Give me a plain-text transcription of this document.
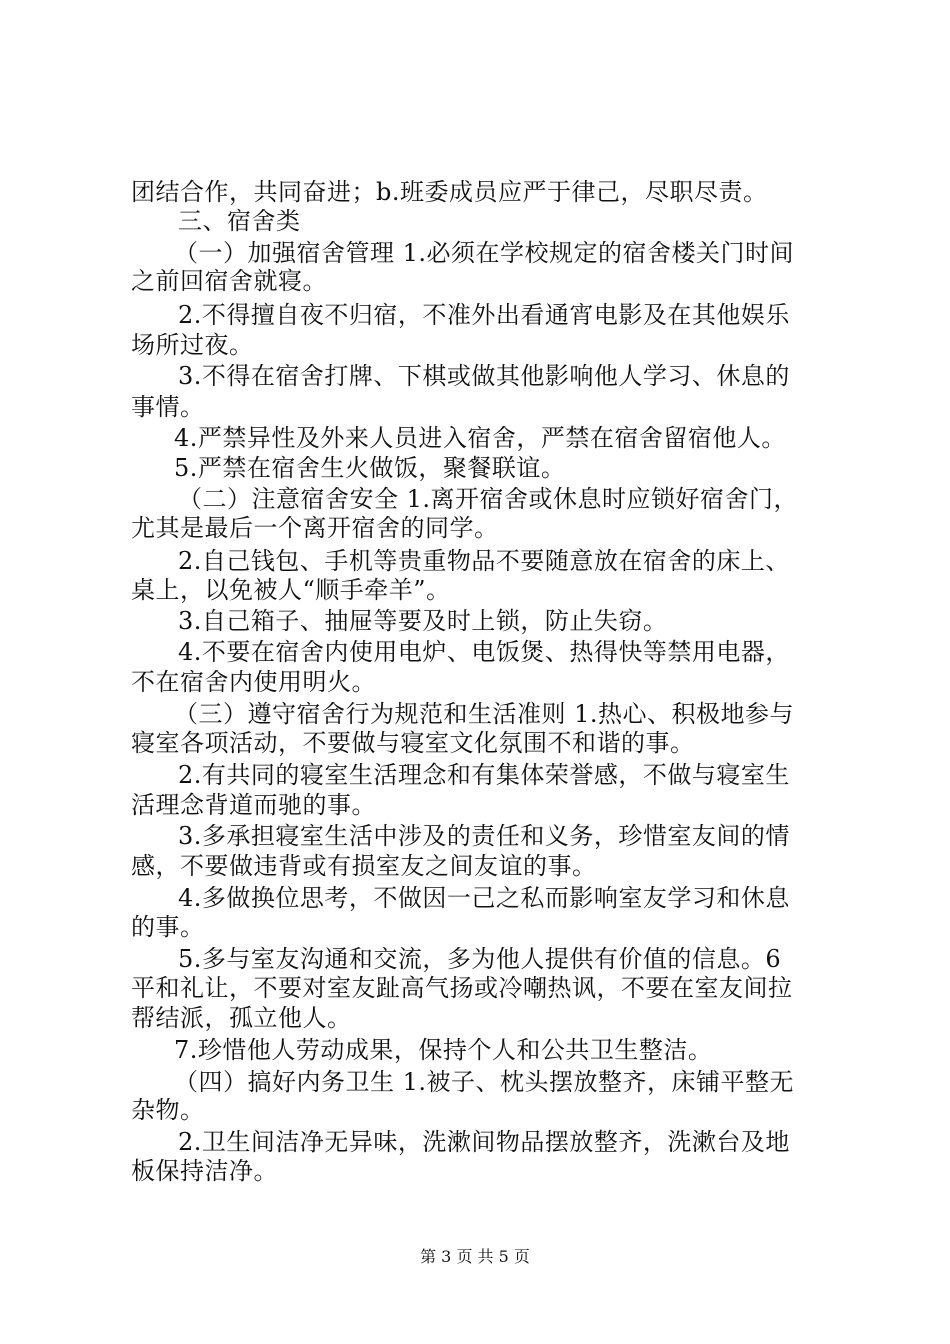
团结合作，共同奋进；b.班委成员应严于律己，尽职尽责。
三、宿舍类
（一）加强宿舍管理 1.必须在学校规定的宿舍楼关门时间
之前回宿舍就寝。
2.不得擅自夜不归宿，不准外出看通宵电影及在其他娱乐
场所过夜。
3.不得在宿舍打牌、下棋或做其他影响他人学习、休息的
事情。
4.严禁异性及外来人员进入宿舍，严禁在宿舍留宿他人。
5.严禁在宿舍生火做饭，聚餐联谊。
（二）注意宿舍安全 1.离开宿舍或休息时应锁好宿舍门，
尤其是最后一个离开宿舍的同学。
2.自己钱包、手机等贵重物品不要随意放在宿舍的床上、
桌上，以免被人“顺手牵羊”。
3.自己箱子、抽屉等要及时上锁，防止失窃。
4.不要在宿舍内使用电炉、电饭煲、热得快等禁用电器，
不在宿舍内使用明火。
（三）遵守宿舍行为规范和生活准则 1.热心、积极地参与
寝室各项活动，不要做与寝室文化氛围不和谐的事。
2.有共同的寝室生活理念和有集体荣誉感，不做与寝室生
活理念背道而驰的事。
3.多承担寝室生活中涉及的责任和义务，珍惜室友间的情
感，不要做违背或有损室友之间友谊的事。
4.多做换位思考，不做因一己之私而影响室友学习和休息
的事。
5.多与室友沟通和交流，多为他人提供有价值的信息。6
平和礼让，不要对室友趾高气扬或冷嘲热讽，不要在室友间拉
帮结派，孤立他人。
7.珍惜他人劳动成果，保持个人和公共卫生整洁。
（四）搞好内务卫生 1.被子、枕头摆放整齐，床铺平整无
杂物。
2.卫生间洁净无异味，洗漱间物品摆放整齐，洗漱台及地
板保持洁净。
第 3 页 共 5 页
